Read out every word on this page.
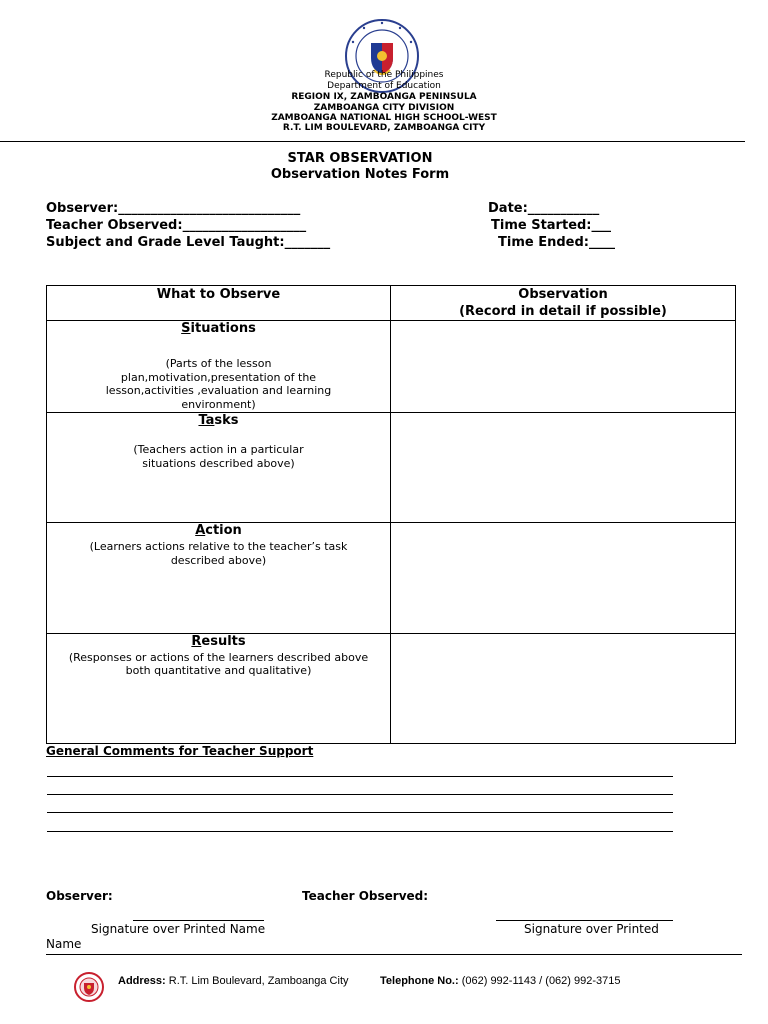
Republic of the Philippines
Department of Education
REGION IX, ZAMBOANGA PENINSULA
ZAMBOANGA CITY DIVISION
ZAMBOANGA NATIONAL HIGH SCHOOL-WEST
R.T. LIM BOULEVARD, ZAMBOANGA CITY
STAR OBSERVATION
Observation Notes Form
Observer:____________________________
Teacher Observed:___________________
Subject and Grade Level Taught:_______
Date:___________
Time Started:___
Time Ended:____
What to Observe	Observation
(Record in detail if possible)

Situations
(Parts of the lesson plan,motivation,presentation of the lesson,activities ,evaluation and learning environment)	

Tasks
(Teachers action in a particular situations described above)	

Action
(Learners actions relative to the teacher’s task described above)	

Results
(Responses or actions of the learners described above both quantitative and qualitative)	

General Comments for Teacher Support
Observer:	Teacher Observed:
Signature over Printed Name
Name
Signature over Printed
Address: R.T. Lim Boulevard, Zamboanga City	Telephone No.: (062) 992-1143 / (062) 992-3715
